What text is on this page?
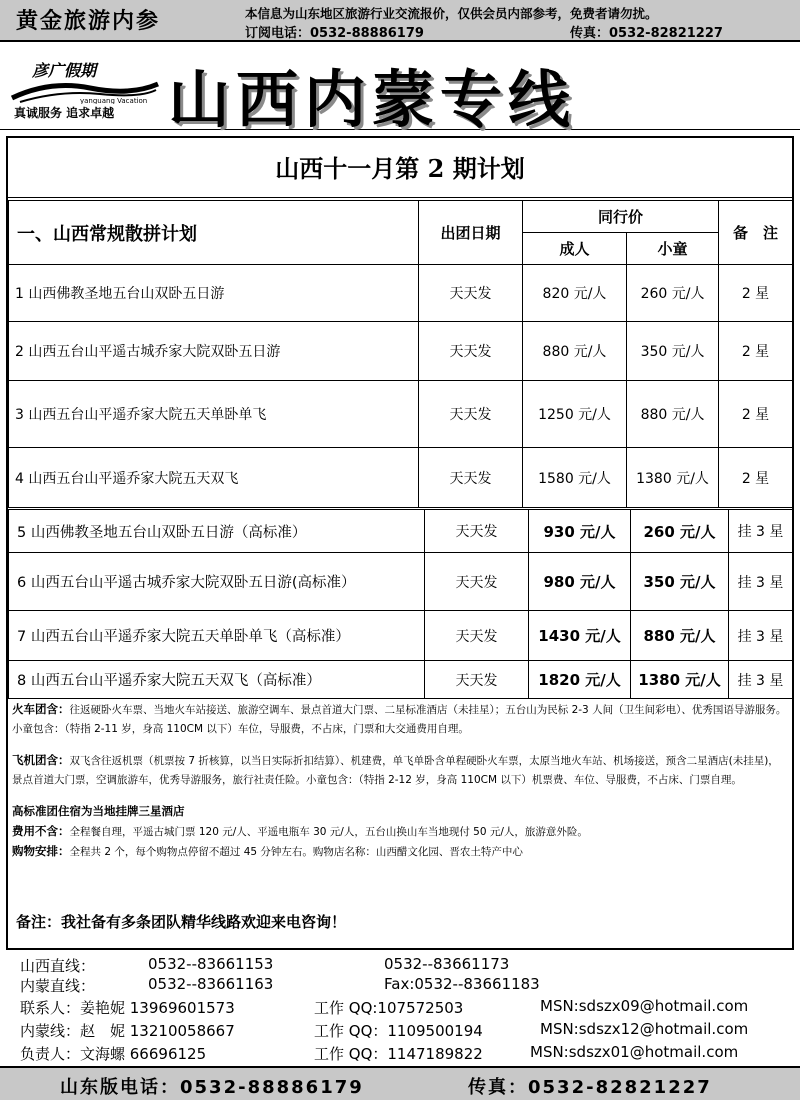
黄金旅游内参	本信息为山东地区旅游行业交流报价，仅供会员内部参考，免费者请勿扰。
订阅电话：0532-88886179	传真：0532-82821227
彦广假期
yanguang Vacation
真诚服务 追求卓越 山西内蒙专线
山西十一月第 2 期计划
一、山西常规散拼计划	出团日期	同行价		备　注
		成人	小童	
1 山西佛教圣地五台山双卧五日游	天天发	820 元/人	260 元/人	2 星
2 山西五台山平遥古城乔家大院双卧五日游	天天发	880 元/人	350 元/人	2 星
3 山西五台山平遥乔家大院五天单卧单飞	天天发	1250 元/人	880 元/人	2 星
4 山西五台山平遥乔家大院五天双飞	天天发	1580 元/人	1380 元/人	2 星
5 山西佛教圣地五台山双卧五日游（高标准）	天天发	930 元/人	260 元/人	挂 3 星
6 山西五台山平遥古城乔家大院双卧五日游(高标准）	天天发	980 元/人	350 元/人	挂 3 星
7 山西五台山平遥乔家大院五天单卧单飞（高标准）	天天发	1430 元/人	880 元/人	挂 3 星
8 山西五台山平遥乔家大院五天双飞（高标准）	天天发	1820 元/人	1380 元/人	挂 3 星

火车团含：往返硬卧火车票、当地火车站接送、旅游空调车、景点首道大门票、二星标准酒店（未挂星）；五台山为民标 2-3 人间（卫生间彩电）、优秀国语导游服务。小童包含：（特指 2-11 岁，身高 110CM 以下）车位，导服费，不占床，门票和大交通费用自理。

飞机团含：双飞含往返机票（机票按 7 折核算，以当日实际折扣结算）、机建费，单飞单卧含单程硬卧火车票，太原当地火车站、机场接送，预含二星酒店(未挂星)，景点首道大门票，空调旅游车，优秀导游服务，旅行社责任险。小童包含：（特指 2-12 岁，身高 110CM 以下）机票费、车位、导服费，不占床、门票自理。

高标准团住宿为当地挂牌三星酒店

费用不含：全程餐自理，平遥古城门票 120 元/人、平遥电瓶车 30 元/人，五台山换山车当地现付 50 元/人，旅游意外险。

购物安排：全程共 2 个，每个购物点停留不超过 45 分钟左右。购物店名称：山西醋文化园、晋农土特产中心

备注：我社备有多条团队精华线路欢迎来电咨询！
山西直线：	0532--83661153	0532--83661173
内蒙直线：	0532--83661163	Fax:0532--83661183
联系人：姜艳妮 13969601573	工作 QQ:107572503	MSN:sdszx09@hotmail.com
内蒙线：赵　妮 13210058667	工作 QQ：1109500194	MSN:sdszx12@hotmail.com
负责人：文海螺 66696125	工作 QQ：1147189822	MSN:sdszx01@hotmail.com
山东版电话：0532-88886179	传真：0532-82821227
